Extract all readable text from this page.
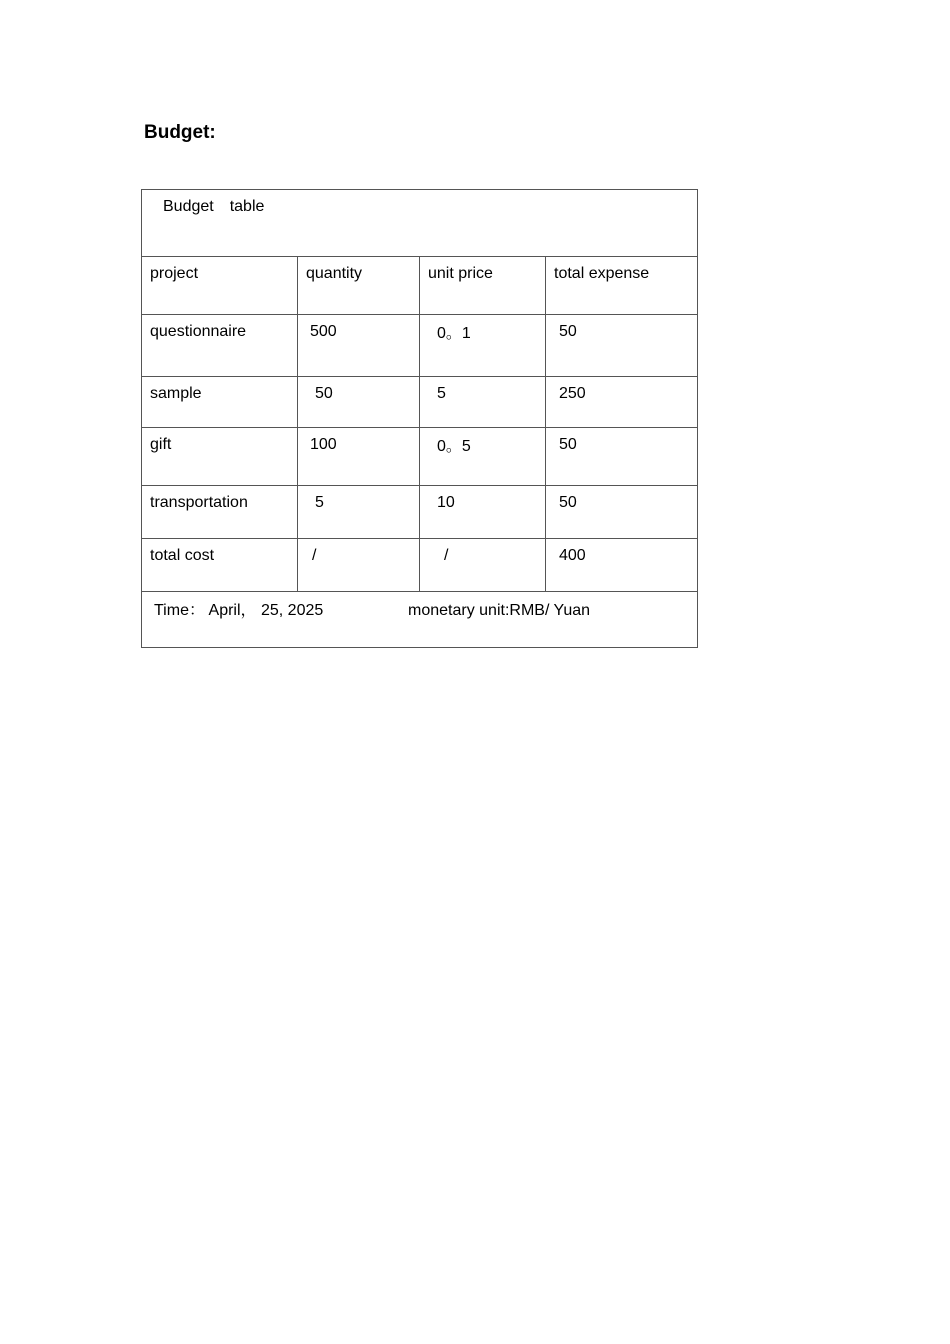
Budget:
Budget　table			
project	quantity	unit price	total expense
questionnaire	500	0。1	50
sample	50	5	250
gift	100	0。5	50
transportation	5	10	50
total cost	/	/	400
Time： April， 25, 2025 monetary unit:RMB/ Yuan			
